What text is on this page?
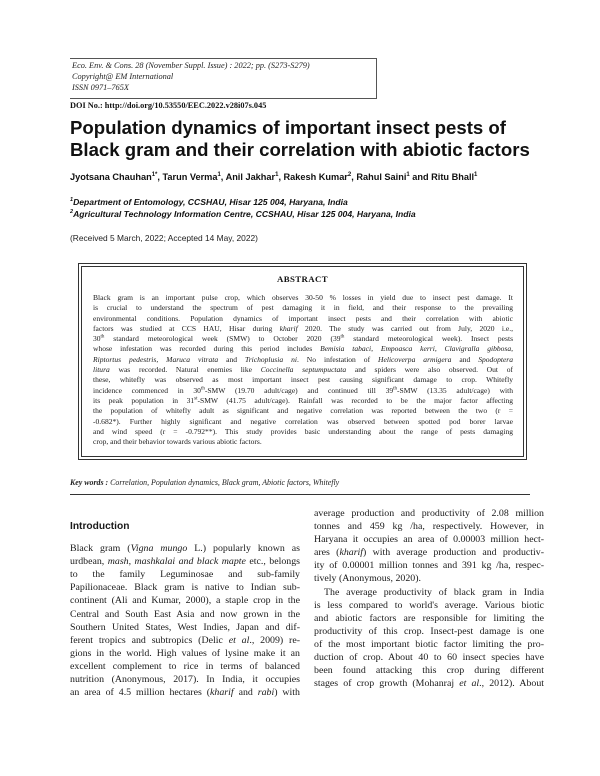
Eco. Env. & Cons. 28 (November Suppl. Issue) : 2022; pp. (S273-S279)
Copyright@ EM International
ISSN 0971–765X
DOI No.: http://doi.org/10.53550/EEC.2022.v28i07s.045
Population dynamics of important insect pests of
Black gram and their correlation with abiotic factors
Jyotsana Chauhan$^{1*}$, Tarun Verma$^1$, Anil Jakhar$^1$, Rakesh Kumar$^2$, Rahul Saini$^1$ and Ritu Bhall$^1$
$^1$Department of Entomology, CCSHAU, Hisar 125 004, Haryana, India
$^2$Agricultural Technology Information Centre, CCSHAU, Hisar 125 004, Haryana, India
(Received 5 March, 2022; Accepted 14 May, 2022)
ABSTRACT
Black gram is an important pulse crop, which observes 30-50 % losses in yield due to insect pest damage. It
is crucial to understand the spectrum of pest damaging it in field, and their response to the prevailing
environmental conditions. Population dynamics of important insect pests and their correlation with abiotic
factors was studied at CCS HAU, Hisar during kharif 2020. The study was carried out from July, 2020 i.e.,
30th standard meteorological week (SMW) to October 2020 (39th standard meteorological week). Insect pests
whose infestation was recorded during this period includes Bemisia tabaci, Empoasca kerri, Clavigralla gibbosa,
Riptortus pedestris, Maruca vitrata and Trichoplusia ni. No infestation of Helicoverpa armigera and Spodoptera
litura was recorded. Natural enemies like Coccinella septumpuctata and spiders were also observed. Out of
these, whitefly was observed as most important insect pest causing significant damage to crop. Whitefly
incidence commenced in 30th-SMW (19.70 adult/cage) and continued till 39th-SMW (13.35 adult/cage) with
its peak population in 31st-SMW (41.75 adult/cage). Rainfall was recorded to be the major factor affecting
the population of whitefly adult as significant and negative correlation was reported between the two (r =
-0.682*). Further highly significant and negative correlation was observed between spotted pod borer larvae
and wind speed (r = -0.792**). This study provides basic understanding about the range of pests damaging
crop, and their behavior towards various abiotic factors.
Key words : Correlation, Population dynamics, Black gram, Abiotic factors, Whitefly
Introduction

Black gram (Vigna mungo L.) popularly known as
urdbean, mash, mashkalai and black mapte etc., belongs
to the family Leguminosae and sub-family
Papilionaceae. Black gram is native to Indian sub-
continent (Ali and Kumar, 2000), a staple crop in the
Central and South East Asia and now grown in the
Southern United States, West Indies, Japan and dif-
ferent tropics and subtropics (Delic et al., 2009) re-
gions in the world. High values of lysine make it an
excellent complement to rice in terms of balanced
nutrition (Anonymous, 2017). In India, it occupies
an area of 4.5 million hectares (kharif and rabi) with

average production and productivity of 2.08 million
tonnes and 459 kg /ha, respectively. However, in
Haryana it occupies an area of 0.00003 million hect-
ares (kharif) with average production and productiv-
ity of 0.00001 million tonnes and 391 kg /ha, respec-
tively (Anonymous, 2020).

The average productivity of black gram in India
is less compared to world's average. Various biotic
and abiotic factors are responsible for limiting the
productivity of this crop. Insect-pest damage is one
of the most important biotic factor limiting the pro-
duction of crop. About 40 to 60 insect species have
been found attacking this crop during different
stages of crop growth (Mohanraj et al., 2012). About
